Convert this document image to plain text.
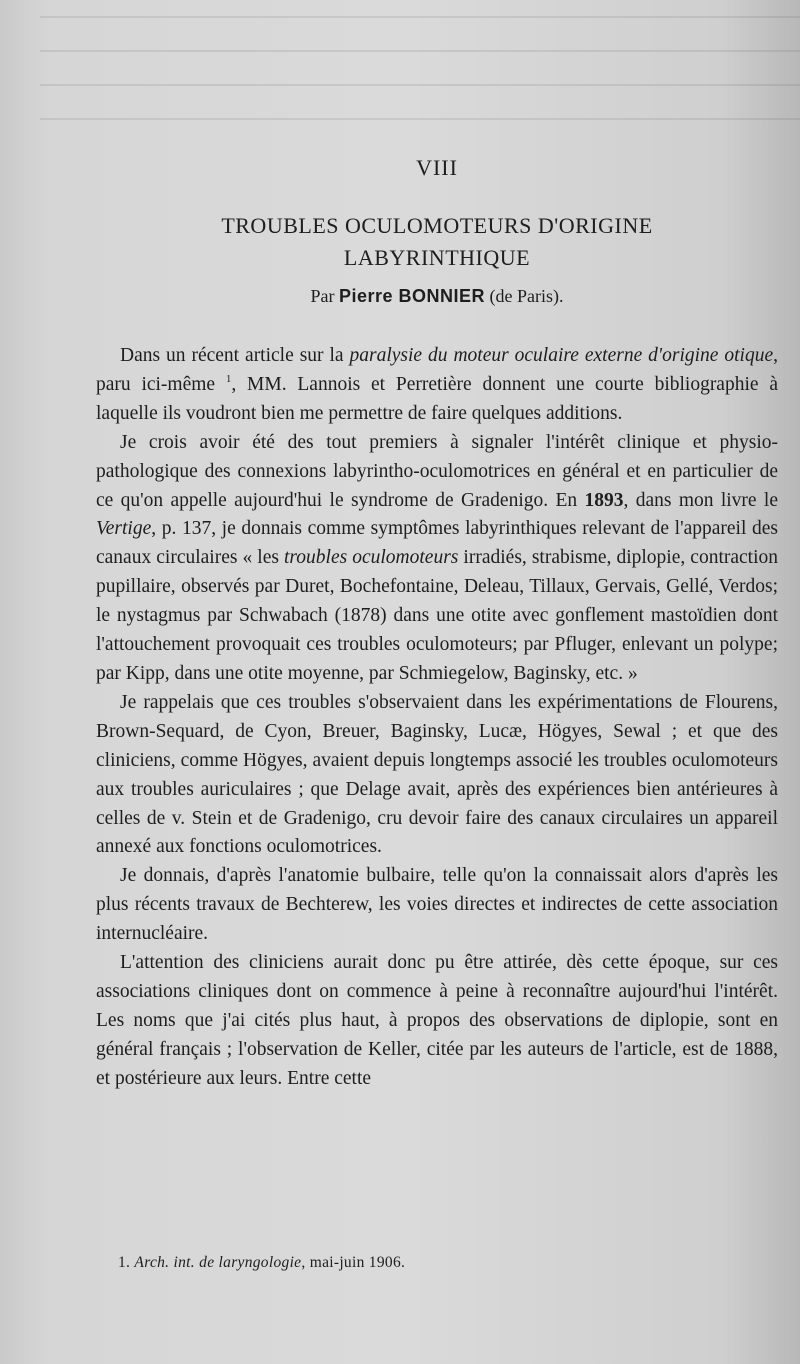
VIII
TROUBLES OCULOMOTEURS D'ORIGINE
LABYRINTHIQUE
Par Pierre BONNIER (de Paris).

Dans un récent article sur la paralysie du moteur oculaire externe d'origine otique, paru ici-même $^1$, MM. Lannois et Perretière donnent une courte bibliographie à laquelle ils voudront bien me permettre de faire quelques additions.

Je crois avoir été des tout premiers à signaler l'intérêt clinique et physio-pathologique des connexions labyrintho-oculomotrices en général et en particulier de ce qu'on appelle aujourd'hui le syndrome de Gradenigo. En 1893, dans mon livre le Vertige, p. 137, je donnais comme symptômes labyrinthiques relevant de l'appareil des canaux circulaires « les troubles oculomoteurs irradiés, strabisme, diplopie, contraction pupillaire, observés par Duret, Bochefontaine, Deleau, Tillaux, Gervais, Gellé, Verdos; le nystagmus par Schwabach (1878) dans une otite avec gonflement mastoïdien dont l'attouchement provoquait ces troubles oculomoteurs; par Pfluger, enlevant un polype; par Kipp, dans une otite moyenne, par Schmiegelow, Baginsky, etc. »

Je rappelais que ces troubles s'observaient dans les expérimentations de Flourens, Brown-Sequard, de Cyon, Breuer, Baginsky, Lucæ, Högyes, Sewal ; et que des cliniciens, comme Högyes, avaient depuis longtemps associé les troubles oculomoteurs aux troubles auriculaires ; que Delage avait, après des expériences bien antérieures à celles de v. Stein et de Gradenigo, cru devoir faire des canaux circulaires un appareil annexé aux fonctions oculomotrices.

Je donnais, d'après l'anatomie bulbaire, telle qu'on la connaissait alors d'après les plus récents travaux de Bechterew, les voies directes et indirectes de cette association internucléaire.

L'attention des cliniciens aurait donc pu être attirée, dès cette époque, sur ces associations cliniques dont on commence à peine à reconnaître aujourd'hui l'intérêt. Les noms que j'ai cités plus haut, à propos des observations de diplopie, sont en général français ; l'observation de Keller, citée par les auteurs de l'article, est de 1888, et postérieure aux leurs. Entre cette

1. Arch. int. de laryngologie, mai-juin 1906.
